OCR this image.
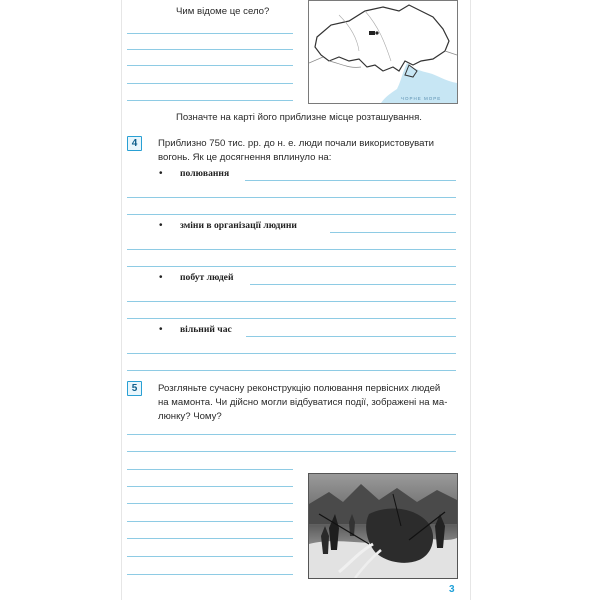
Чим відоме це село?
ЧОРНЕ МОРЕ
Позначте на карті його приблизне місце розташування.
4	Приблизно 750 тис. рр. до н. е. люди почали використовувати
вогонь. Як це досягнення вплинуло на:
• полювання
• зміни в організації людини
• побут людей
• вільний час
5	Розгляньте сучасну реконструкцію полювання первісних людей
на мамонта. Чи дійсно могли відбуватися події, зображені на ма-
люнку? Чому?
3
